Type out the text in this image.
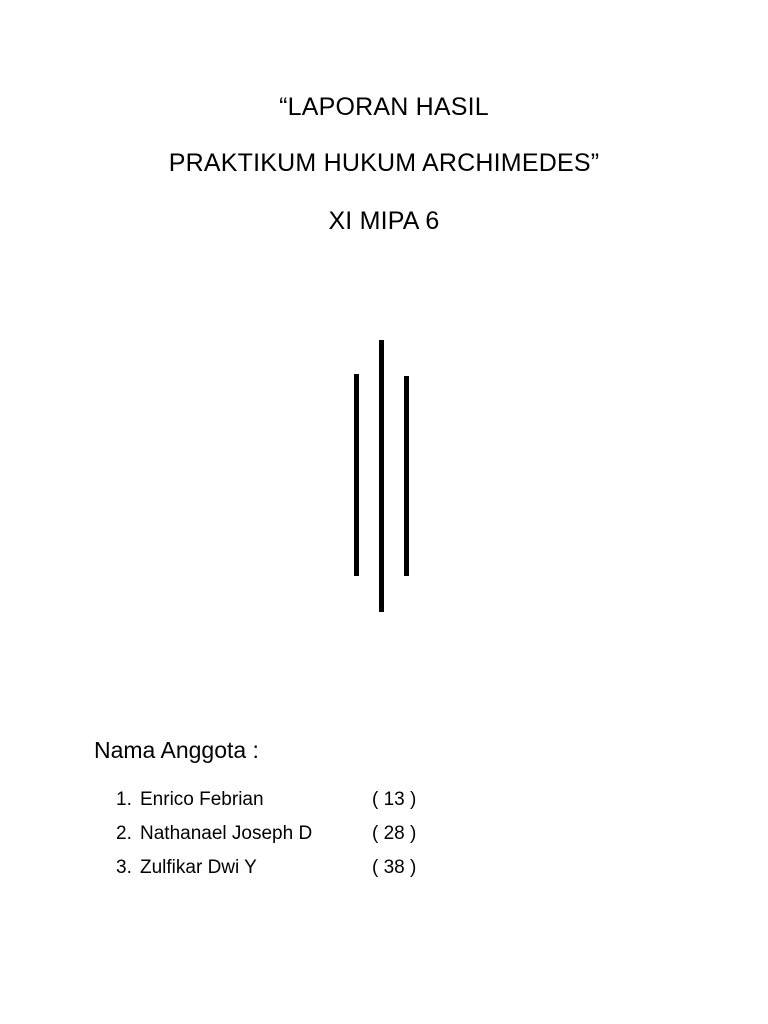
“LAPORAN HASIL
PRAKTIKUM HUKUM ARCHIMEDES”
XI MIPA 6
Nama Anggota :
1. Enrico Febrian	( 13 )
2. Nathanael Joseph D	( 28 )
3. Zulfikar Dwi Y	( 38 )
